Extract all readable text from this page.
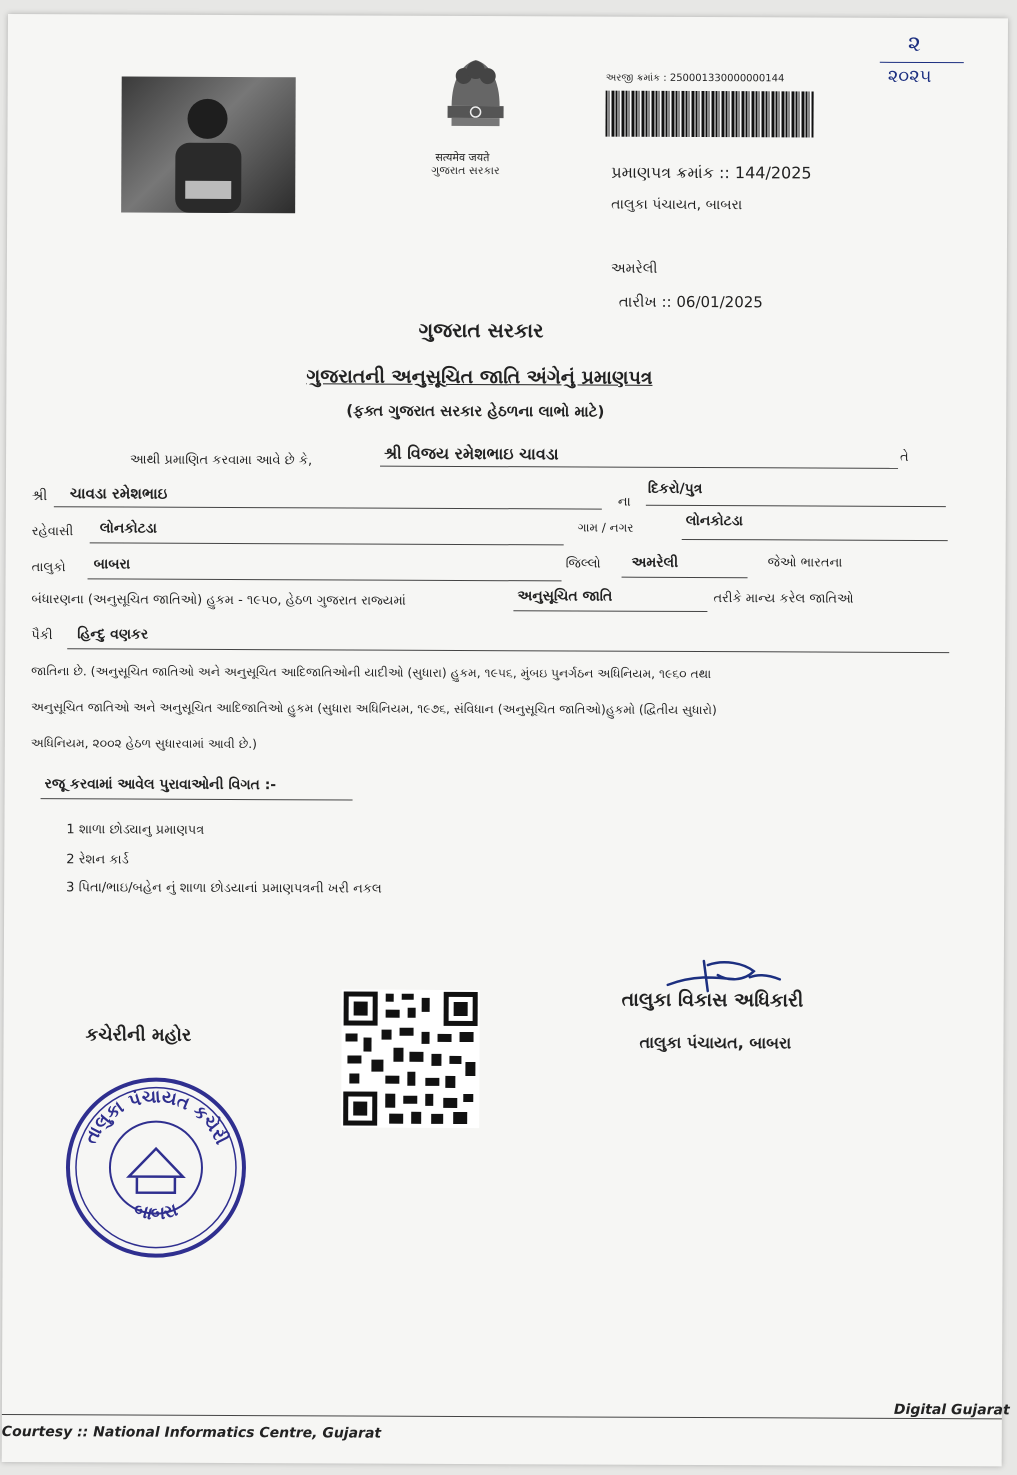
૨
૨૦૨૫
सत्यमेव जयते
ગુજરાત સરકાર
અરજી ક્રમાંક : 250001330000000144
પ્રમાણપત્ર ક્રમાંક :: 144/2025
તાલુકા પંચાયત, બાબરા
અમરેલી
તારીખ :: 06/01/2025
ગુજરાત સરકાર
ગુજરાતની અનુસૂચિત જાતિ અંગેનું પ્રમાણપત્ર
(ફક્ત ગુજરાત સરકાર હેઠળના લાભો માટે)
આથી પ્રમાણિત કરવામા આવે છે કે,	શ્રી વિજય રમેશભાઇ ચાવડા	તે
શ્રી ચાવડા રમેશભાઇ	ના
દિકરો/પુત્ર
રહેવાસી લોનકોટડા	ગામ / નગર	લોનકોટડા
તાલુકો બાબરા	જિલ્લો અમરેલી	જેઓ ભારતના
બંધારણના (અનુસૂચિત જાતિઓ) હુકમ - ૧૯૫૦, હેઠળ ગુજરાત રાજ્યમાં	અનુસૂચિત જાતિ	તરીકે માન્ય કરેલ જાતિઓ
પૈકી હિન્દુ વણકર
જાતિના છે. (અનુસૂચિત જાતિઓ અને અનુસૂચિત આદિજાતિઓની યાદીઓ (સુધારા) હુકમ, ૧૯૫૬, મુંબઇ પુનર્ગઠન અધિનિયમ, ૧૯૬૦ તથા
અનુસૂચિત જાતિઓ અને અનુસૂચિત આદિજાતિઓ હુકમ (સુધારા અધિનિયમ, ૧૯૭૬, સંવિધાન (અનુસૂચિત જાતિઓ)હુકમો (દ્વિતીય સુધારો)
અધિનિયમ, ૨૦૦૨ હેઠળ સુધારવામાં આવી છે.)
રજૂ કરવામાં આવેલ પુરાવાઓની વિગત :-
1 શાળા છોડ્યાનુ પ્રમાણપત્ર
2 રેશન કાર્ડ
3 પિતા/ભાઇ/બહેન નું શાળા છોડયાનાં પ્રમાણપત્રની ખરી નકલ
કચેરીની મહોર
તાલુકા વિકાસ અધિકારી
તાલુકા પંચાયત, બાબરા
તાલુકા પંચાયત કચેરી
બાબરા
Courtesy :: National Informatics Centre, Gujarat
Digital Gujarat
